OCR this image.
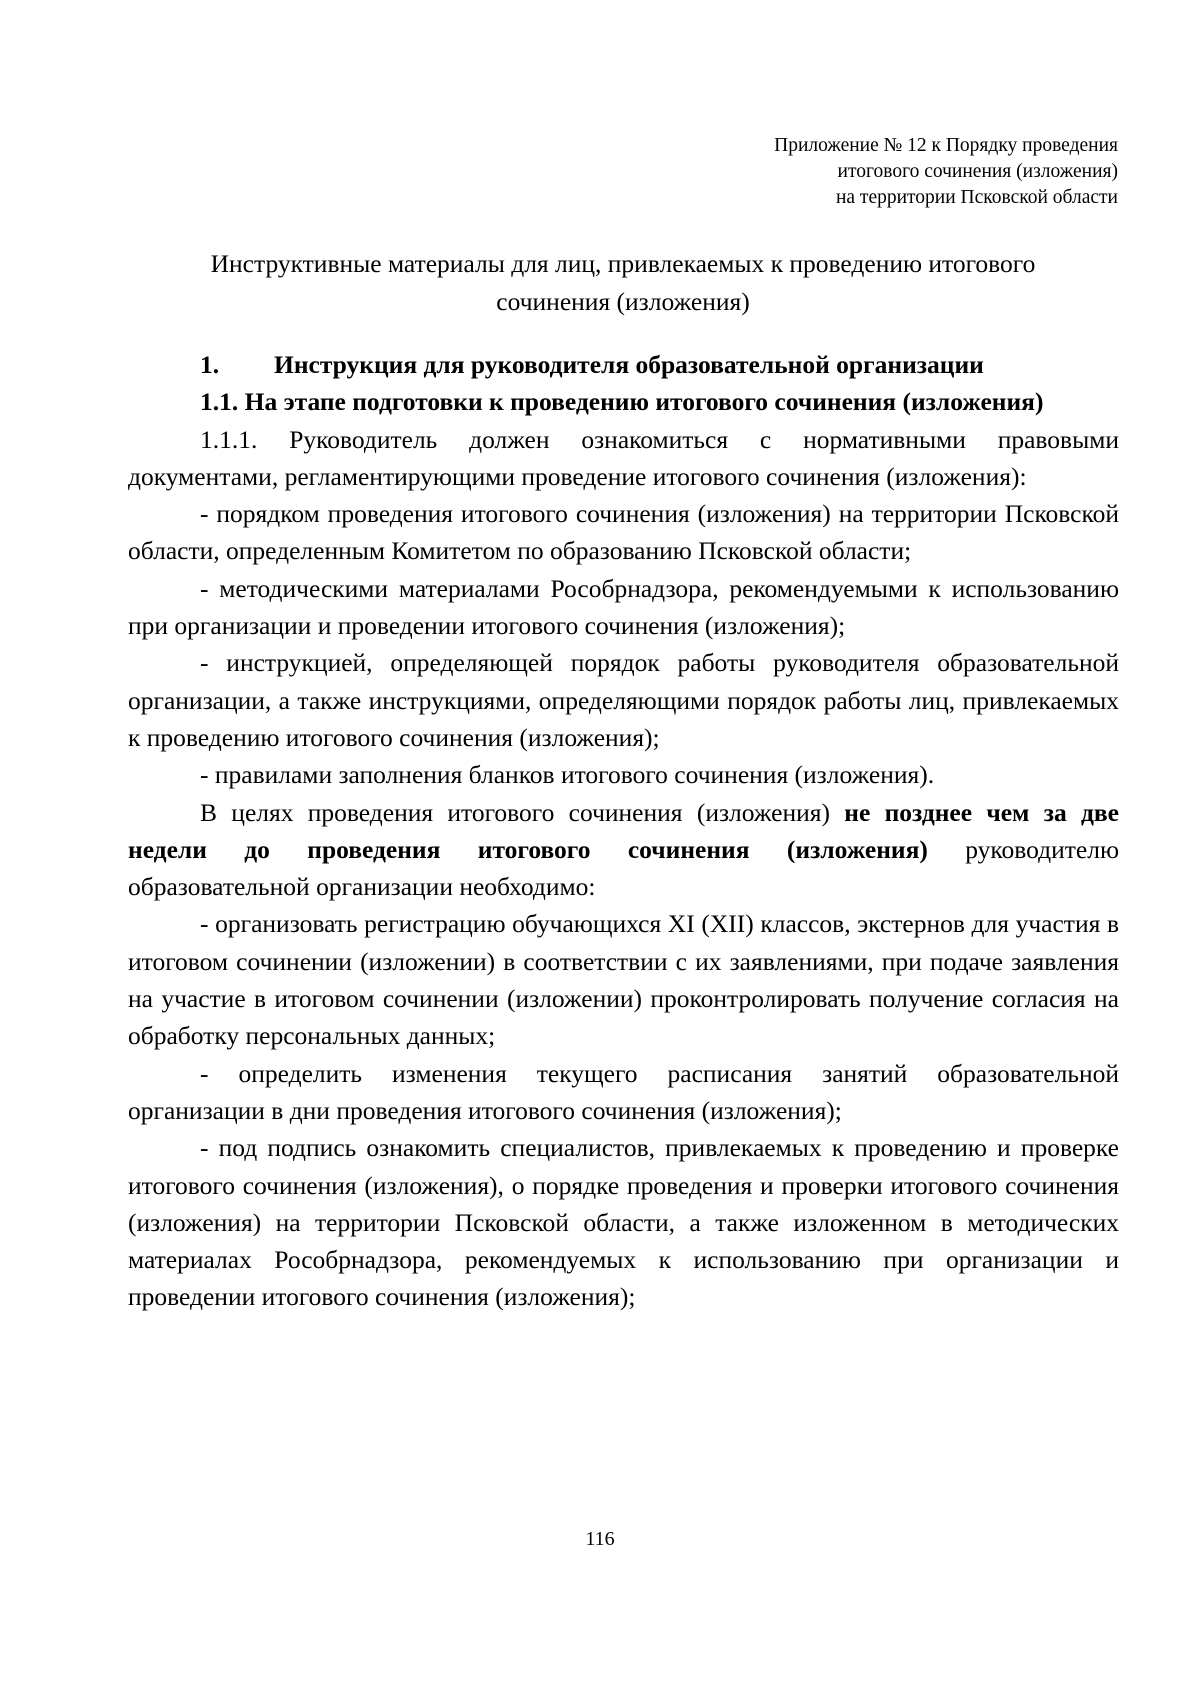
Приложение № 12 к Порядку проведения
итогового сочинения (изложения)
на территории Псковской области
Инструктивные материалы для лиц, привлекаемых к проведению итогового
сочинения (изложения)

1. Инструкция для руководителя образовательной организации

1.1. На этапе подготовки к проведению итогового сочинения (изложения)

1.1.1. Руководитель должен ознакомиться с нормативными правовыми документами, регламентирующими проведение итогового сочинения (изложения):

- порядком проведения итогового сочинения (изложения) на территории Псковской области, определенным Комитетом по образованию Псковской области;

- методическими материалами Рособрнадзора, рекомендуемыми к использованию при организации и проведении итогового сочинения (изложения);

- инструкцией, определяющей порядок работы руководителя образовательной организации, а также инструкциями, определяющими порядок работы лиц, привлекаемых к проведению итогового сочинения (изложения);

- правилами заполнения бланков итогового сочинения (изложения).

В целях проведения итогового сочинения (изложения) не позднее чем за две недели до проведения итогового сочинения (изложения) руководителю образовательной организации необходимо:

- организовать регистрацию обучающихся XI (XII) классов, экстернов для участия в итоговом сочинении (изложении) в соответствии с их заявлениями, при подаче заявления на участие в итоговом сочинении (изложении) проконтролировать получение согласия на обработку персональных данных;

- определить изменения текущего расписания занятий образовательной организации в дни проведения итогового сочинения (изложения);

- под подпись ознакомить специалистов, привлекаемых к проведению и проверке итогового сочинения (изложения), о порядке проведения и проверки итогового сочинения (изложения) на территории Псковской области, а также изложенном в методических материалах Рособрнадзора, рекомендуемых к использованию при организации и проведении итогового сочинения (изложения);

116
